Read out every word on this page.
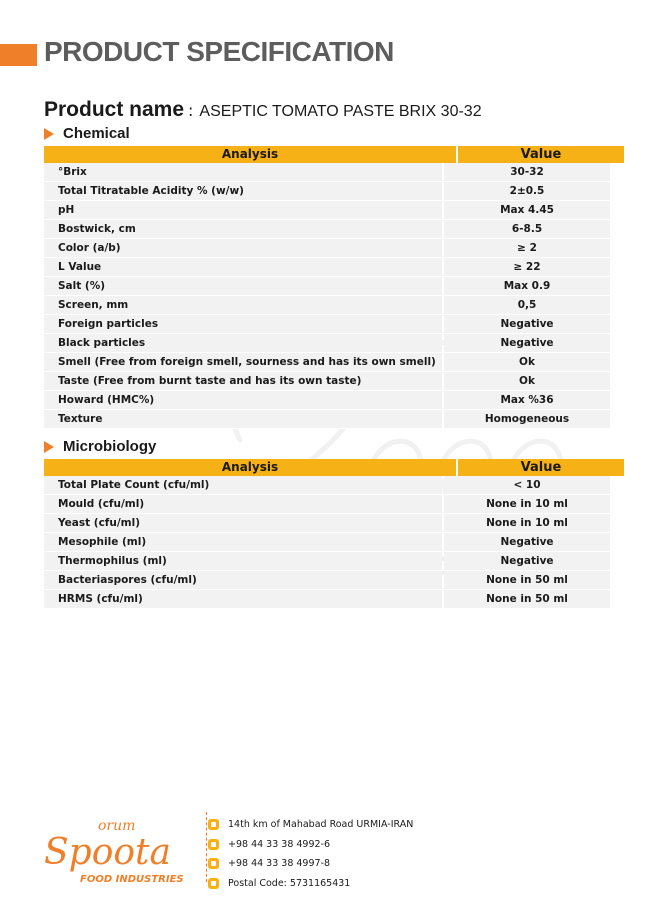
PRODUCT SPECIFICATION
Product name : ASEPTIC TOMATO PASTE BRIX 30-32
Chemical
Analysis	Value
°Brix	30-32
Total Titratable Acidity % (w/w)	2±0.5
pH	Max 4.45
Bostwick, cm	6-8.5
Color (a/b)	≥ 2
L Value	≥ 22
Salt (%)	Max 0.9
Screen, mm	0,5
Foreign particles	Negative
Black particles	Negative
Smell (Free from foreign smell, sourness and has its own smell)	Ok
Taste (Free from burnt taste and has its own taste)	Ok
Howard (HMC%)	Max %36
Texture	Homogeneous
Microbiology
Analysis	Value
Total Plate Count (cfu/ml)	< 10
Mould (cfu/ml)	None in 10 ml
Yeast (cfu/ml)	None in 10 ml
Mesophile (ml)	Negative
Thermophilus (ml)	Negative
Bacteriaspores (cfu/ml)	None in 50 ml
HRMS (cfu/ml)	None in 50 ml
orum
Spoota
FOOD INDUSTRIES
14th km of Mahabad Road URMIA-IRAN
+98 44 33 38 4992-6
+98 44 33 38 4997-8
Postal Code: 5731165431
